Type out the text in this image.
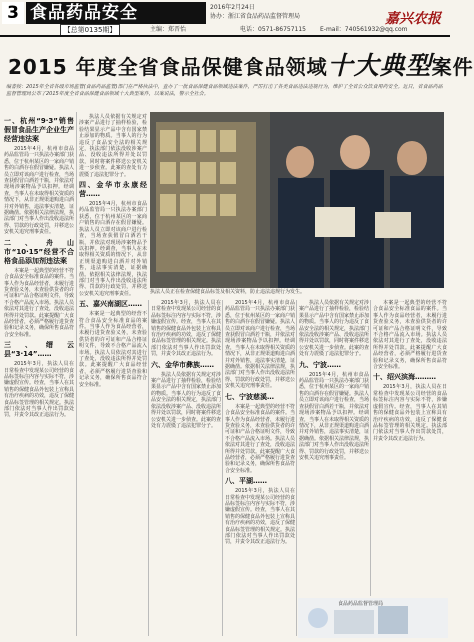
3 食品药品安全
【总第0135期】
2016年2月24日
协办：浙江省食品药品监督管理局
主编：郑晋怡	电话：0571-86757115 E-mail：740561932@qq.com
嘉兴农报
2015 年度全省食品保健食品领域十大典型案件
编者按：2015年全省各级市场监管(食品药品监管)部门在严格执法中，查办了一批食品保健食品领域违法案件，严厉打击了各类食品违法违规行为，维护了全省公众饮食用药安全。近日，省食品药品监督管理局公布了2015年度全省食品保健食品领域十大典型案件，以案说法，警示全社会。
执法人员正在检查保健食品标签及相关资料，防止违法违规行为发生。
一、杭州“9·3”销售假冒食品生产企业生产经营违法案

2015年4月，杭州市食品药品监管局一只执法办案部门获悉，位于杭州某区的一家商户销售的白酒存在假冒嫌疑。执法人员立即对该商户进行检查，当场查获假冒白酒若干瓶，并依法对现场涉案物品予以扣押。经调查，当事人在未取得相关资质的情况下，从非正规渠道购进白酒并对外销售，违法事实清楚，证据确凿。依据相关法律法规，执法部门对当事人作出没收违法所得、罚款的行政处罚，并移送公安机关追究刑事责任。

二、舟山市“10·15”经营不合格食品添加剂违法案

本案是一起典型的经营不符合食品安全标准食品的案件。当事人作为食品经营者，未履行进货查验义务，未查验供货者的许可证和产品合格证明文件，导致不合格产品流入市场。执法人员依法对其进行了查处，没收违法所得并处罚款。此案提醒广大食品经营者，必须严格履行进货查验和记录义务，确保所售食品符合安全标准。

三、缙云县“3·14”……

2015年3月，执法人员在日常检查中发现某公司经营的食品标签标注内容与实际不符，涉嫌虚假宣传。经查，当事人在其销售的保健食品外包装上宣称具有治疗疾病的功效，违反了保健食品标签管理的相关规定。执法部门依法对当事人作出罚款处罚，并责令其改正违法行为。

执法人员依据有关规定对涉案产品进行了抽样检验，检验结果显示产品中含有国家禁止添加的物质。当事人的行为违反了食品安全法的相关规定，执法部门依法没收涉案产品、没收违法所得并处以罚款，同时将案件移送公安机关进一步侦查。此案的查处有力震慑了违法犯罪分子。

四、金华市永康经营……

2015年4月，杭州市食品药品监管局一只执法办案部门获悉，位于杭州某区的一家商户销售的白酒存在假冒嫌疑。执法人员立即对该商户进行检查，当场查获假冒白酒若干瓶，并依法对现场涉案物品予以扣押。经调查，当事人在未取得相关资质的情况下，从非正规渠道购进白酒并对外销售，违法事实清楚，证据确凿。依据相关法律法规，执法部门对当事人作出没收违法所得、罚款的行政处罚，并移送公安机关追究刑事责任。

五、嘉兴南湖区……

本案是一起典型的经营不符合食品安全标准食品的案件。当事人作为食品经营者，未履行进货查验义务，未查验供货者的许可证和产品合格证明文件，导致不合格产品流入市场。执法人员依法对其进行了查处，没收违法所得并处罚款。此案提醒广大食品经营者，必须严格履行进货查验和记录义务，确保所售食品符合安全标准。

2015年3月，执法人员在日常检查中发现某公司经营的食品标签标注内容与实际不符，涉嫌虚假宣传。经查，当事人在其销售的保健食品外包装上宣称具有治疗疾病的功效，违反了保健食品标签管理的相关规定。执法部门依法对当事人作出罚款处罚，并责令其改正违法行为。

六、金华市彝族……

执法人员依据有关规定对涉案产品进行了抽样检验，检验结果显示产品中含有国家禁止添加的物质。当事人的行为违反了食品安全法的相关规定，执法部门依法没收涉案产品、没收违法所得并处以罚款，同时将案件移送公安机关进一步侦查。此案的查处有力震慑了违法犯罪分子。

2015年4月，杭州市食品药品监管局一只执法办案部门获悉，位于杭州某区的一家商户销售的白酒存在假冒嫌疑。执法人员立即对该商户进行检查，当场查获假冒白酒若干瓶，并依法对现场涉案物品予以扣押。经调查，当事人在未取得相关资质的情况下，从非正规渠道购进白酒并对外销售，违法事实清楚，证据确凿。依据相关法律法规，执法部门对当事人作出没收违法所得、罚款的行政处罚，并移送公安机关追究刑事责任。

七、宁波慈溪…

本案是一起典型的经营不符合食品安全标准食品的案件。当事人作为食品经营者，未履行进货查验义务，未查验供货者的许可证和产品合格证明文件，导致不合格产品流入市场。执法人员依法对其进行了查处，没收违法所得并处罚款。此案提醒广大食品经营者，必须严格履行进货查验和记录义务，确保所售食品符合安全标准。

八、平湖……

2015年3月，执法人员在日常检查中发现某公司经营的食品标签标注内容与实际不符，涉嫌虚假宣传。经查，当事人在其销售的保健食品外包装上宣称具有治疗疾病的功效，违反了保健食品标签管理的相关规定。执法部门依法对当事人作出罚款处罚，并责令其改正违法行为。

执法人员依据有关规定对涉案产品进行了抽样检验，检验结果显示产品中含有国家禁止添加的物质。当事人的行为违反了食品安全法的相关规定，执法部门依法没收涉案产品、没收违法所得并处以罚款，同时将案件移送公安机关进一步侦查。此案的查处有力震慑了违法犯罪分子。

九、宁波……

2015年4月，杭州市食品药品监管局一只执法办案部门获悉，位于杭州某区的一家商户销售的白酒存在假冒嫌疑。执法人员立即对该商户进行检查，当场查获假冒白酒若干瓶，并依法对现场涉案物品予以扣押。经调查，当事人在未取得相关资质的情况下，从非正规渠道购进白酒并对外销售，违法事实清楚，证据确凿。依据相关法律法规，执法部门对当事人作出没收违法所得、罚款的行政处罚，并移送公安机关追究刑事责任。

本案是一起典型的经营不符合食品安全标准食品的案件。当事人作为食品经营者，未履行进货查验义务，未查验供货者的许可证和产品合格证明文件，导致不合格产品流入市场。执法人员依法对其进行了查处，没收违法所得并处罚款。此案提醒广大食品经营者，必须严格履行进货查验和记录义务，确保所售食品符合安全标准。

十、绍兴滨海………

2015年3月，执法人员在日常检查中发现某公司经营的食品标签标注内容与实际不符，涉嫌虚假宣传。经查，当事人在其销售的保健食品外包装上宣称具有治疗疾病的功效，违反了保健食品标签管理的相关规定。执法部门依法对当事人作出罚款处罚，并责令其改正违法行为。

食品药品监督管理局
